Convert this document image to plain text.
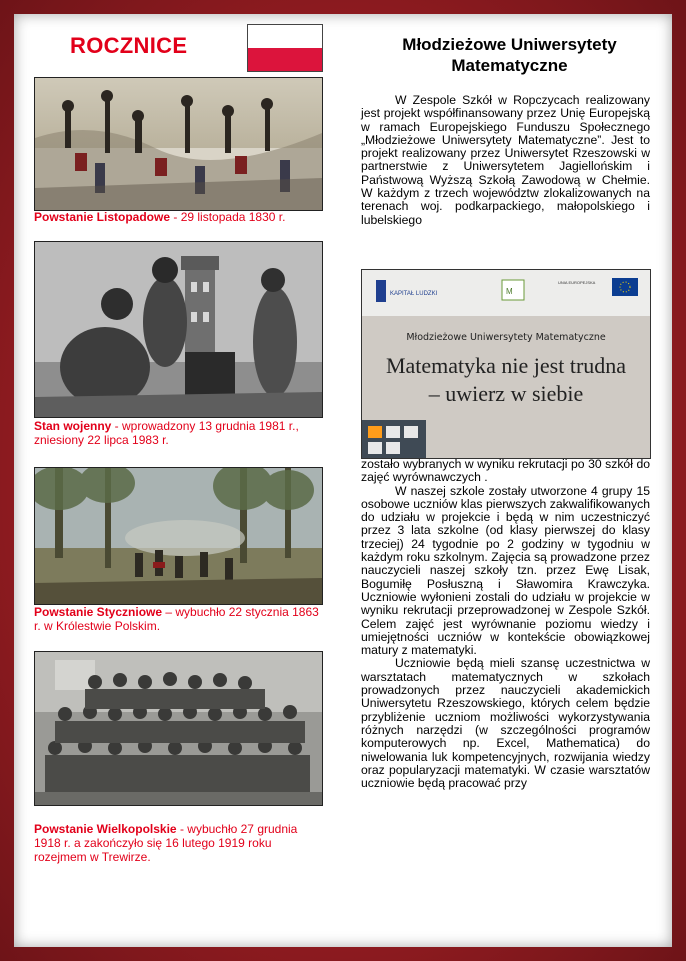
ROCZNICE
Powstanie Listopadowe - 29 listopada 1830 r.
Stan wojenny - wprowadzony 13 grudnia 1981 r., zniesiony 22 lipca 1983 r.
Powstanie Styczniowe – wybuchło 22 stycznia 1863 r. w Królestwie Polskim.
Powstanie Wielkopolskie - wybuchło 27 grudnia 1918 r. a zakończyło się 16 lutego 1919 roku rozejmem w Trewirze.
Młodzieżowe Uniwersytety Matematyczne

W Zespole Szkół w Ropczycach realizowany jest projekt współfinansowany przez Unię Europejską w ramach Europejskiego Funduszu Społecznego „Młodzieżowe Uniwersytety Matematyczne”. Jest to projekt realizowany przez Uniwersytet Rzeszowski w partnerstwie z Uniwersytetem Jagiellońskim i Państwową Wyższą Szkołą Zawodową w Chełmie. W każdym z trzech województw zlokalizowanych na terenach woj. podkarpackiego, małopolskiego i lubelskiego

KAPITAŁ LUDZKI	M
UNIA EUROPEJSKA
Młodzieżowe Uniwersytety Matematyczne
Matematyka nie jest trudna
– uwierz w siebie

zostało wybranych w wyniku rekrutacji po 30 szkół do zajęć wyrównawczych .

W naszej szkole zostały utworzone 4 grupy 15 osobowe uczniów klas pierwszych zakwalifikowanych do udziału w projekcie i będą w nim uczestniczyć przez 3 lata szkolne (od klasy pierwszej do klasy trzeciej) 24 tygodnie po 2 godziny w tygodniu w każdym roku szkolnym. Zajęcia są prowadzone przez nauczycieli naszej szkoły tzn. przez Ewę Lisak, Bogumiłę Posłuszną i Sławomira Krawczyka. Uczniowie wyłonieni zostali do udziału w projekcie w wyniku rekrutacji przeprowadzonej w Zespole Szkół. Celem zajęć jest wyrównanie poziomu wiedzy i umiejętności uczniów w kontekście obowiązkowej matury z matematyki.

Uczniowie będą mieli szansę uczestnictwa w warsztatach matematycznych w szkołach prowadzonych przez nauczycieli akademickich Uniwersytetu Rzeszowskiego, których celem będzie przybliżenie uczniom możliwości wykorzystywania różnych narzędzi (w szczególności programów komputerowych np. Excel, Mathematica) do niwelowania luk kompetencyjnych, rozwijania wiedzy oraz popularyzacji matematyki. W czasie warsztatów uczniowie będą pracować przy
